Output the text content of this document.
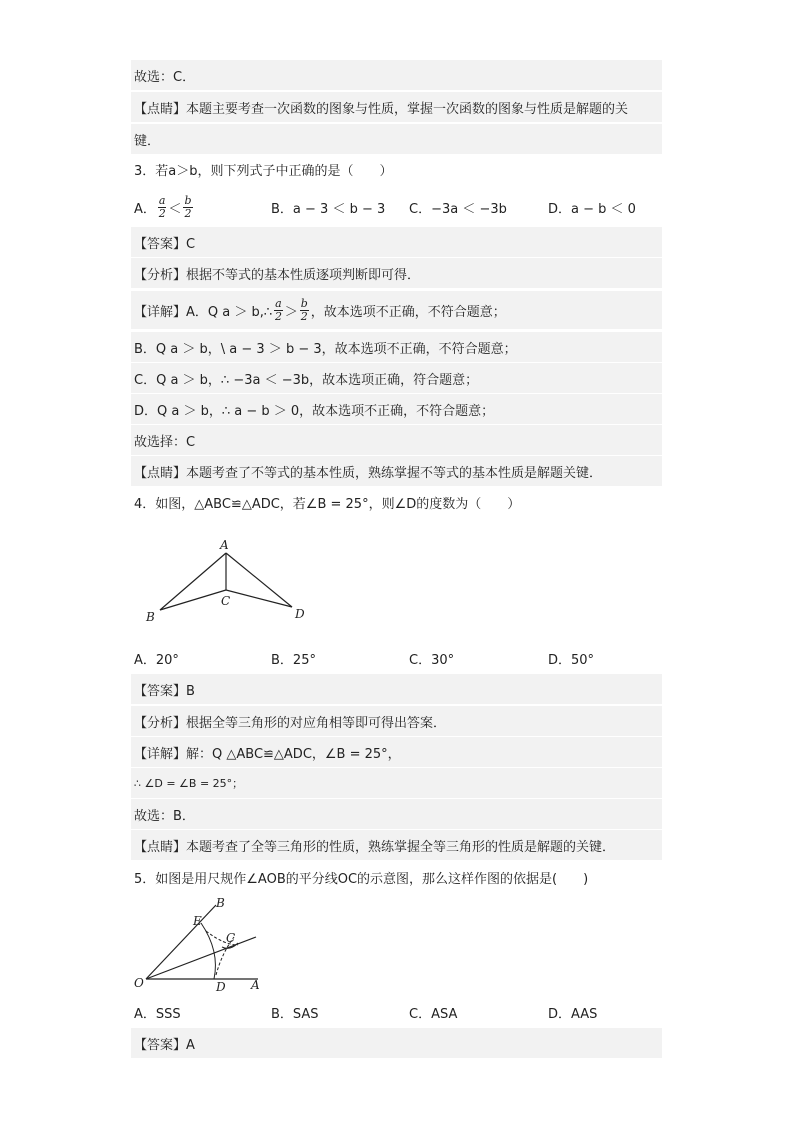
故选：C．
【点睛】本题主要考查一次函数的图象与性质，掌握一次函数的图象与性质是解题的关
键．
3．若a＞b，则下列式子中正确的是（　　）
A． $\frac{a}{2} < \frac{b}{2}$	B．a − 3 ＜ b − 3 C．−3a ＜ −3b	D．a − b ＜ 0
【答案】C
【分析】根据不等式的基本性质逐项判断即可得．
【详解】A．Q a ＞ b,∴ $\frac{a}{2} > \frac{b}{2}$ ，故本选项不正确，不符合题意；
B．Q a ＞ b，\ a − 3 ＞ b − 3，故本选项不正确，不符合题意；
C．Q a ＞ b，∴ −3a ＜ −3b，故本选项正确，符合题意；
D．Q a ＞ b，∴ a − b ＞ 0，故本选项不正确，不符合题意；
故选择：C
【点睛】本题考查了不等式的基本性质，熟练掌握不等式的基本性质是解题关键．
4．如图，△ABC≌△ADC，若∠B = 25°，则∠D的度数为（　　）
A
B
C
D
A．20°	B．25°	C．30°	D．50°
【答案】B
【分析】根据全等三角形的对应角相等即可得出答案．
【详解】解：Q △ABC≌△ADC，∠B = 25°，
∴ ∠D = ∠B = 25°；
故选：B．
【点睛】本题考查了全等三角形的性质，熟练掌握全等三角形的性质是解题的关键．
5．如图是用尺规作∠AOB的平分线OC的示意图，那么这样作图的依据是(　　)
B
E
C
O	D A
A．SSS	B．SAS	C．ASA	D．AAS
【答案】A
